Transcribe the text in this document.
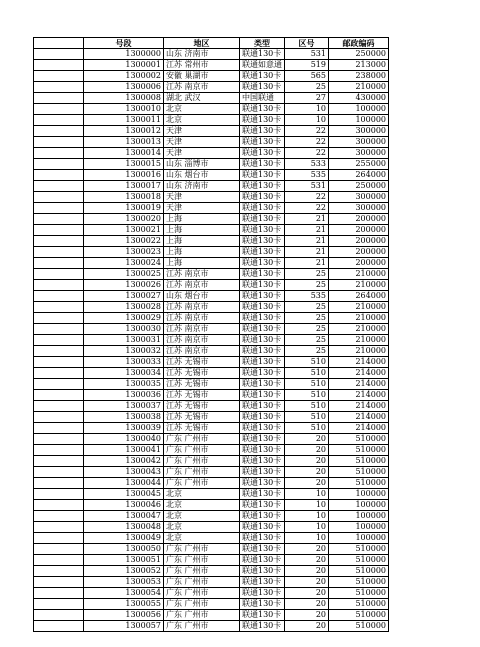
	号段	地区	类型	区号	邮政编码
	1300000	山东 济南市	联通130卡	531	250000
	1300001	江苏 常州市	联通如意通	519	213000
	1300002	安徽 巢湖市	联通130卡	565	238000
	1300006	江苏 南京市	联通130卡	25	210000
	1300008	湖北 武汉	中国联通	27	430000
	1300010	北京	联通130卡	10	100000
	1300011	北京	联通130卡	10	100000
	1300012	天津	联通130卡	22	300000
	1300013	天津	联通130卡	22	300000
	1300014	天津	联通130卡	22	300000
	1300015	山东 淄博市	联通130卡	533	255000
	1300016	山东 烟台市	联通130卡	535	264000
	1300017	山东 济南市	联通130卡	531	250000
	1300018	天津	联通130卡	22	300000
	1300019	天津	联通130卡	22	300000
	1300020	上海	联通130卡	21	200000
	1300021	上海	联通130卡	21	200000
	1300022	上海	联通130卡	21	200000
	1300023	上海	联通130卡	21	200000
	1300024	上海	联通130卡	21	200000
	1300025	江苏 南京市	联通130卡	25	210000
	1300026	江苏 南京市	联通130卡	25	210000
	1300027	山东 烟台市	联通130卡	535	264000
	1300028	江苏 南京市	联通130卡	25	210000
	1300029	江苏 南京市	联通130卡	25	210000
	1300030	江苏 南京市	联通130卡	25	210000
	1300031	江苏 南京市	联通130卡	25	210000
	1300032	江苏 南京市	联通130卡	25	210000
	1300033	江苏 无锡市	联通130卡	510	214000
	1300034	江苏 无锡市	联通130卡	510	214000
	1300035	江苏 无锡市	联通130卡	510	214000
	1300036	江苏 无锡市	联通130卡	510	214000
	1300037	江苏 无锡市	联通130卡	510	214000
	1300038	江苏 无锡市	联通130卡	510	214000
	1300039	江苏 无锡市	联通130卡	510	214000
	1300040	广东 广州市	联通130卡	20	510000
	1300041	广东 广州市	联通130卡	20	510000
	1300042	广东 广州市	联通130卡	20	510000
	1300043	广东 广州市	联通130卡	20	510000
	1300044	广东 广州市	联通130卡	20	510000
	1300045	北京	联通130卡	10	100000
	1300046	北京	联通130卡	10	100000
	1300047	北京	联通130卡	10	100000
	1300048	北京	联通130卡	10	100000
	1300049	北京	联通130卡	10	100000
	1300050	广东 广州市	联通130卡	20	510000
	1300051	广东 广州市	联通130卡	20	510000
	1300052	广东 广州市	联通130卡	20	510000
	1300053	广东 广州市	联通130卡	20	510000
	1300054	广东 广州市	联通130卡	20	510000
	1300055	广东 广州市	联通130卡	20	510000
	1300056	广东 广州市	联通130卡	20	510000
	1300057	广东 广州市	联通130卡	20	510000
